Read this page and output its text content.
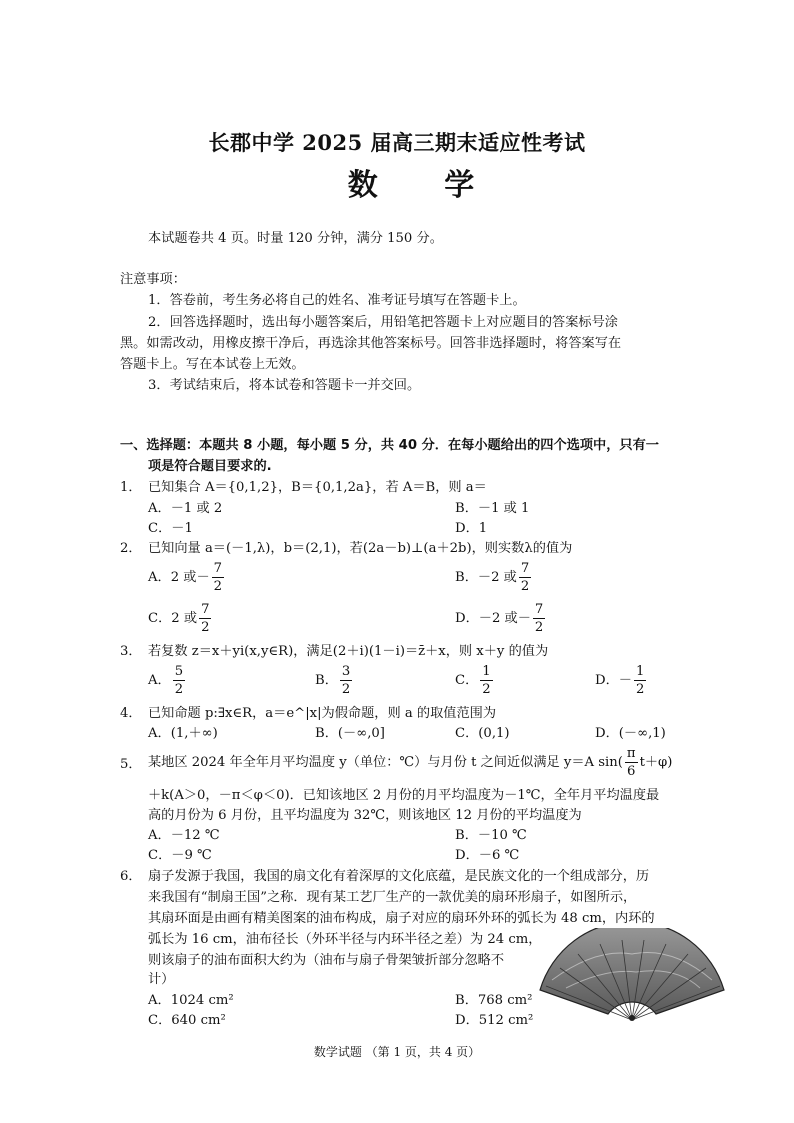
长郡中学 2025 届高三期末适应性考试
数 学
本试题卷共 4 页。时量 120 分钟，满分 150 分。
注意事项：
1．答卷前，考生务必将自己的姓名、准考证号填写在答题卡上。
2．回答选择题时，选出每小题答案后，用铅笔把答题卡上对应题目的答案标号涂
黑。如需改动，用橡皮擦干净后，再选涂其他答案标号。回答非选择题时，将答案写在
答题卡上。写在本试卷上无效。
3．考试结束后，将本试卷和答题卡一并交回。
一、选择题：本题共 8 小题，每小题 5 分，共 40 分．在每小题给出的四个选项中，只有一
项是符合题目要求的.
1． 已知集合 A＝{0,1,2}，B＝{0,1,2a}，若 A＝B，则 a＝
A．－1 或 2	B．－1 或 1
C．－1	D．1
2． 已知向量 a＝(－1,λ)，b＝(2,1)，若(2a－b)⊥(a＋2b)，则实数λ的值为
A．2 或－ $\frac{7}{2}$	B．－2 或 $\frac{7}{2}$
C．2 或 $\frac{7}{2}$	D．－2 或－ $\frac{7}{2}$
3． 若复数 z＝x＋yi(x,y∈R)，满足(2＋i)(1－i)＝z̄＋x，则 x＋y 的值为
A． $\frac{5}{2}$	B． $\frac{3}{2}$	C． $\frac{1}{2}$	D．－ $\frac{1}{2}$
4． 已知命题 p:∃x∈R，a＝e^|x|为假命题，则 a 的取值范围为
A．(1,＋∞)	B．(－∞,0]	C．(0,1)	D．(－∞,1)
5． 某地区 2024 年全年月平均温度 y（单位：℃）与月份 t 之间近似满足 y＝A $\sin( \frac{\pi}{6} t+\varphi)$
＋k(A＞0，－π＜φ＜0)．已知该地区 2 月份的月平均温度为－1℃，全年月平均温度最
高的月份为 6 月份，且平均温度为 32℃，则该地区 12 月份的平均温度为
A．－12 ℃	B．－10 ℃
C．－9 ℃	D．－6 ℃
6． 扇子发源于我国，我国的扇文化有着深厚的文化底蕴，是民族文化的一个组成部分，历
来我国有“制扇王国”之称．现有某工艺厂生产的一款优美的扇环形扇子，如图所示，
其扇环面是由画有精美图案的油布构成，扇子对应的扇环外环的弧长为 48 cm，内环的
弧长为 16 cm，油布径长（外环半径与内环半径之差）为 24 cm，
则该扇子的油布面积大约为（油布与扇子骨架皱折部分忽略不
计）
A．1024 cm²	B．768 cm²
C．640 cm²	D．512 cm²
数学试题 （第 1 页，共 4 页）
